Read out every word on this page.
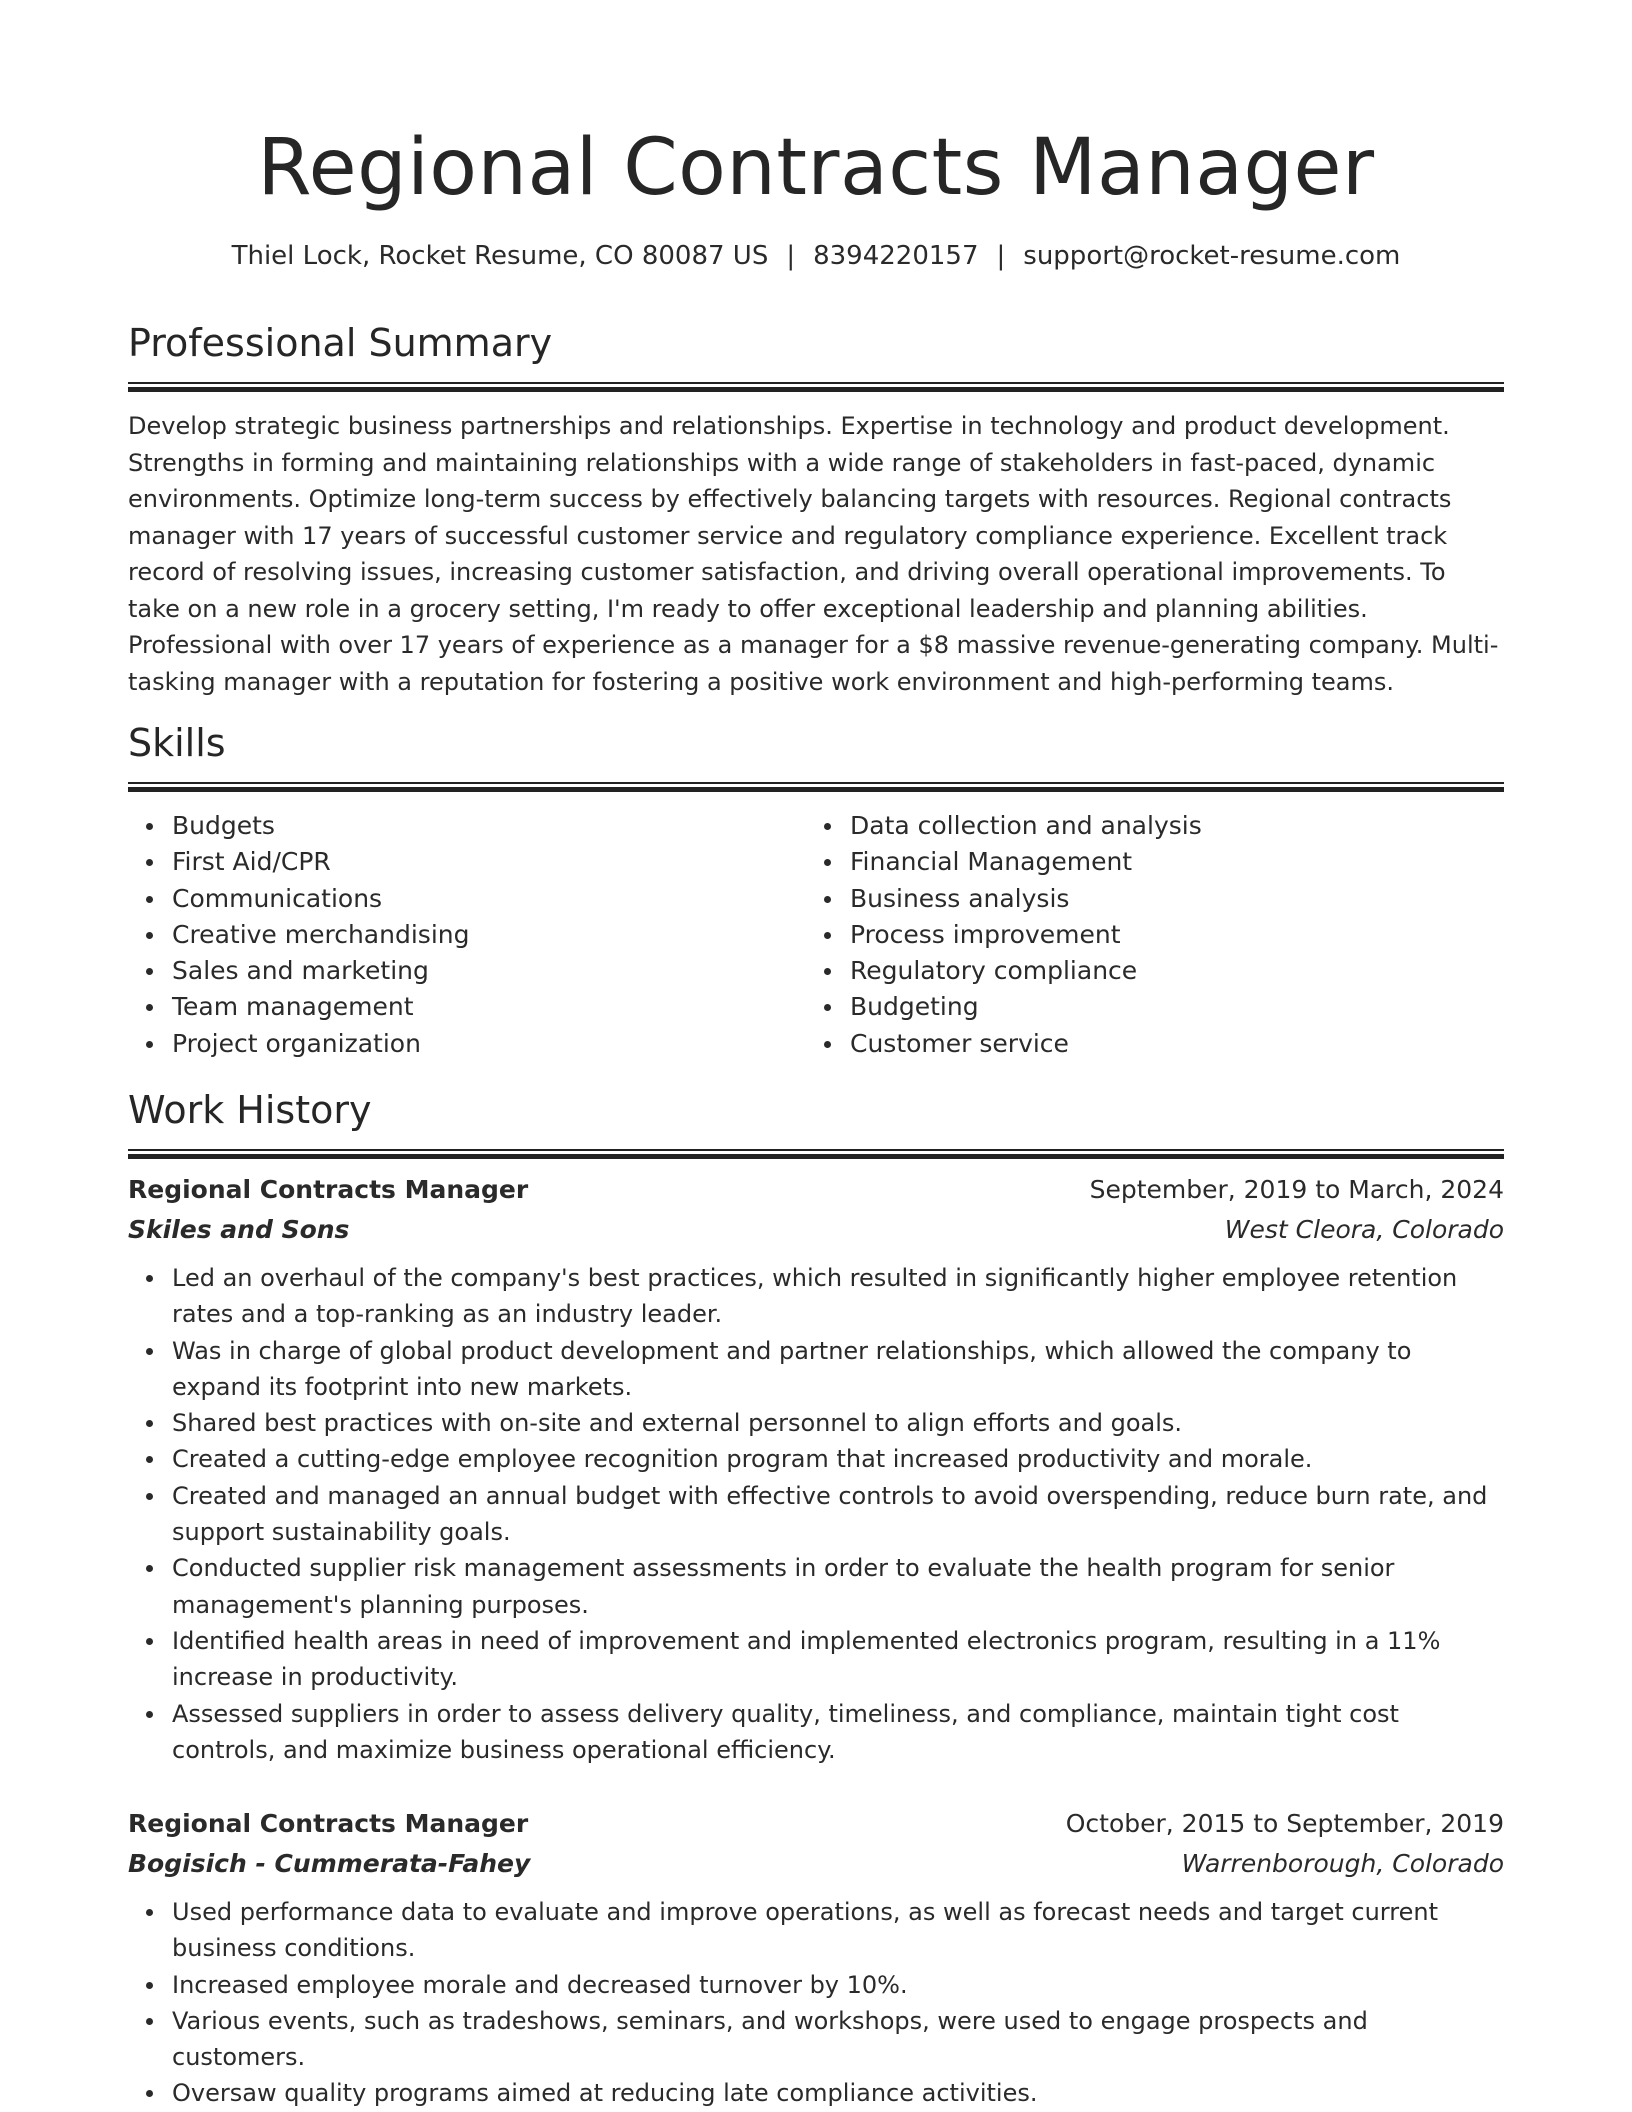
Regional Contracts Manager
Thiel Lock, Rocket Resume, CO 80087 US | 8394220157 | support@rocket-resume.com
Professional Summary

Develop strategic business partnerships and relationships. Expertise in technology and product development. Strengths in forming and maintaining relationships with a wide range of stakeholders in fast-paced, dynamic environments. Optimize long-term success by effectively balancing targets with resources. Regional contracts manager with 17 years of successful customer service and regulatory compliance experience. Excellent track record of resolving issues, increasing customer satisfaction, and driving overall operational improvements. To take on a new role in a grocery setting, I'm ready to offer exceptional leadership and planning abilities. Professional with over 17 years of experience as a manager for a $8 massive revenue-generating company. Multi-tasking manager with a reputation for fostering a positive work environment and high-performing teams.

Skills
Budgets
First Aid/CPR
Communications
Creative merchandising
Sales and marketing
Team management
Project organization
Data collection and analysis
Financial Management
Business analysis
Process improvement
Regulatory compliance
Budgeting
Customer service
Work History
Regional Contracts Manager	September, 2019 to March, 2024
Skiles and Sons	West Cleora, Colorado
Led an overhaul of the company's best practices, which resulted in significantly higher employee retention rates and a top-ranking as an industry leader.
Was in charge of global product development and partner relationships, which allowed the company to expand its footprint into new markets.
Shared best practices with on-site and external personnel to align efforts and goals.
Created a cutting-edge employee recognition program that increased productivity and morale.
Created and managed an annual budget with effective controls to avoid overspending, reduce burn rate, and support sustainability goals.
Conducted supplier risk management assessments in order to evaluate the health program for senior management's planning purposes.
Identified health areas in need of improvement and implemented electronics program, resulting in a 11% increase in productivity.
Assessed suppliers in order to assess delivery quality, timeliness, and compliance, maintain tight cost controls, and maximize business operational efficiency.
Regional Contracts Manager	October, 2015 to September, 2019
Bogisich - Cummerata-Fahey	Warrenborough, Colorado
Used performance data to evaluate and improve operations, as well as forecast needs and target current business conditions.
Increased employee morale and decreased turnover by 10%.
Various events, such as tradeshows, seminars, and workshops, were used to engage prospects and customers.
Oversaw quality programs aimed at reducing late compliance activities.
